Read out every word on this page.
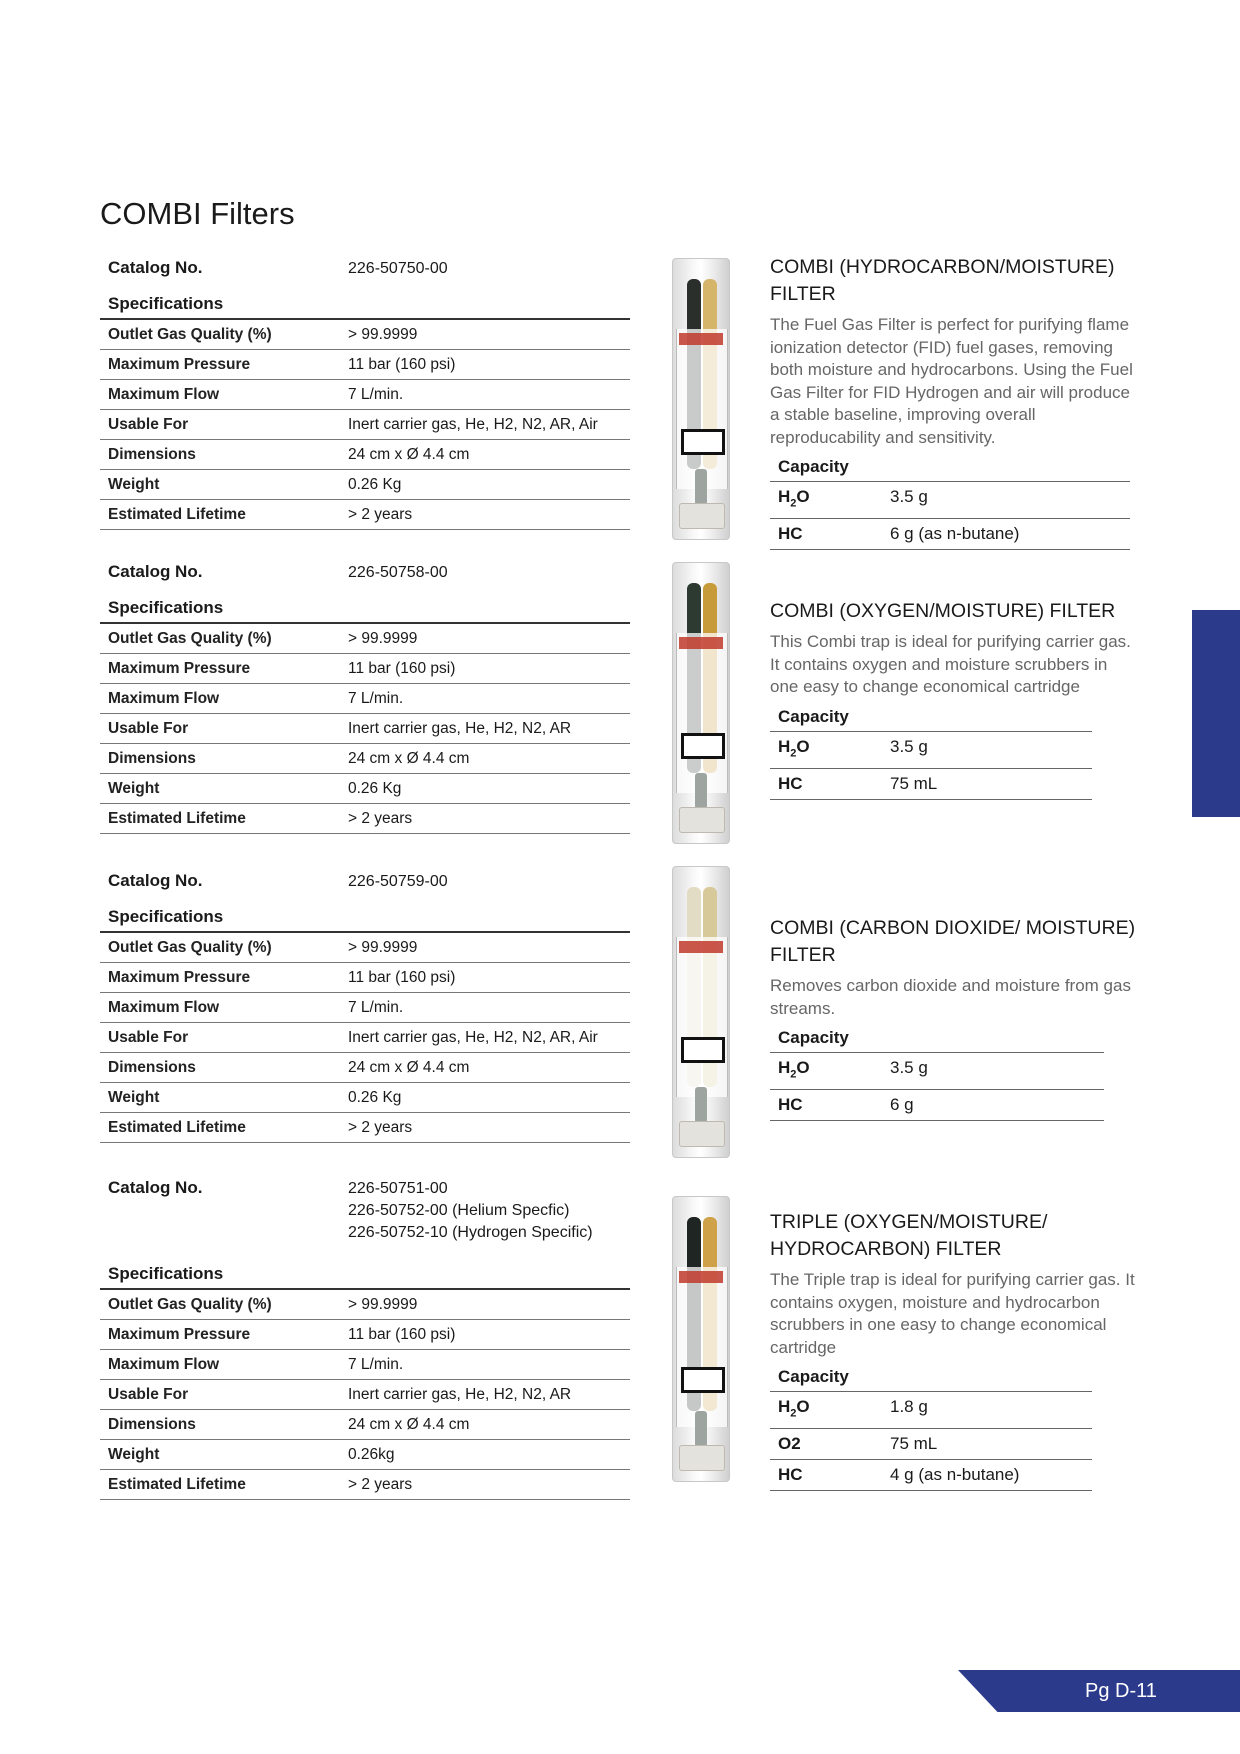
COMBI Filters
Catalog No.	226-50750-00
Specifications
Outlet Gas Quality (%)	> 99.9999
Maximum Pressure	11 bar (160 psi)
Maximum Flow	7 L/min.
Usable For	Inert carrier gas, He, H2, N2, AR, Air
Dimensions	24 cm x Ø 4.4 cm
Weight	0.26 Kg
Estimated Lifetime	> 2 years
COMBI (HYDROCARBON/MOISTURE) FILTER

The Fuel Gas Filter is perfect for purifying flame ionization detector (FID) fuel gases, removing both moisture and hydrocarbons. Using the Fuel Gas Filter for FID Hydrogen and air will produce a stable baseline, improving overall reproducability and sensitivity.

Capacity
$H_2O$	3.5 g
HC	6 g (as n-butane)
Catalog No.	226-50758-00
Specifications
Outlet Gas Quality (%)	> 99.9999
Maximum Pressure	11 bar (160 psi)
Maximum Flow	7 L/min.
Usable For	Inert carrier gas, He, H2, N2, AR
Dimensions	24 cm x Ø 4.4 cm
Weight	0.26 Kg
Estimated Lifetime	> 2 years
COMBI (OXYGEN/MOISTURE) FILTER

This Combi trap is ideal for purifying carrier gas. It contains oxygen and moisture scrubbers in one easy to change economical cartridge

Capacity
$H_2O$	3.5 g
HC	75 mL
Catalog No.	226-50759-00
Specifications
Outlet Gas Quality (%)	> 99.9999
Maximum Pressure	11 bar (160 psi)
Maximum Flow	7 L/min.
Usable For	Inert carrier gas, He, H2, N2, AR, Air
Dimensions	24 cm x Ø 4.4 cm
Weight	0.26 Kg
Estimated Lifetime	> 2 years
COMBI (CARBON DIOXIDE/ MOISTURE) FILTER

Removes carbon dioxide and moisture from gas streams.

Capacity
$H_2O$	3.5 g
HC	6 g
Catalog No.	226-50751-00
226-50752-00 (Helium Specfic)
226-50752-10 (Hydrogen Specific)
Specifications
Outlet Gas Quality (%)	> 99.9999
Maximum Pressure	11 bar (160 psi)
Maximum Flow	7 L/min.
Usable For	Inert carrier gas, He, H2, N2, AR
Dimensions	24 cm x Ø 4.4 cm
Weight	0.26kg
Estimated Lifetime	> 2 years
TRIPLE (OXYGEN/MOISTURE/ HYDROCARBON) FILTER

The Triple trap is ideal for purifying carrier gas. It contains oxygen, moisture and hydrocarbon scrubbers in one easy to change economical cartridge

Capacity
$H_2O$	1.8 g
O2	75 mL
HC	4 g (as n-butane)
Pg D-11
